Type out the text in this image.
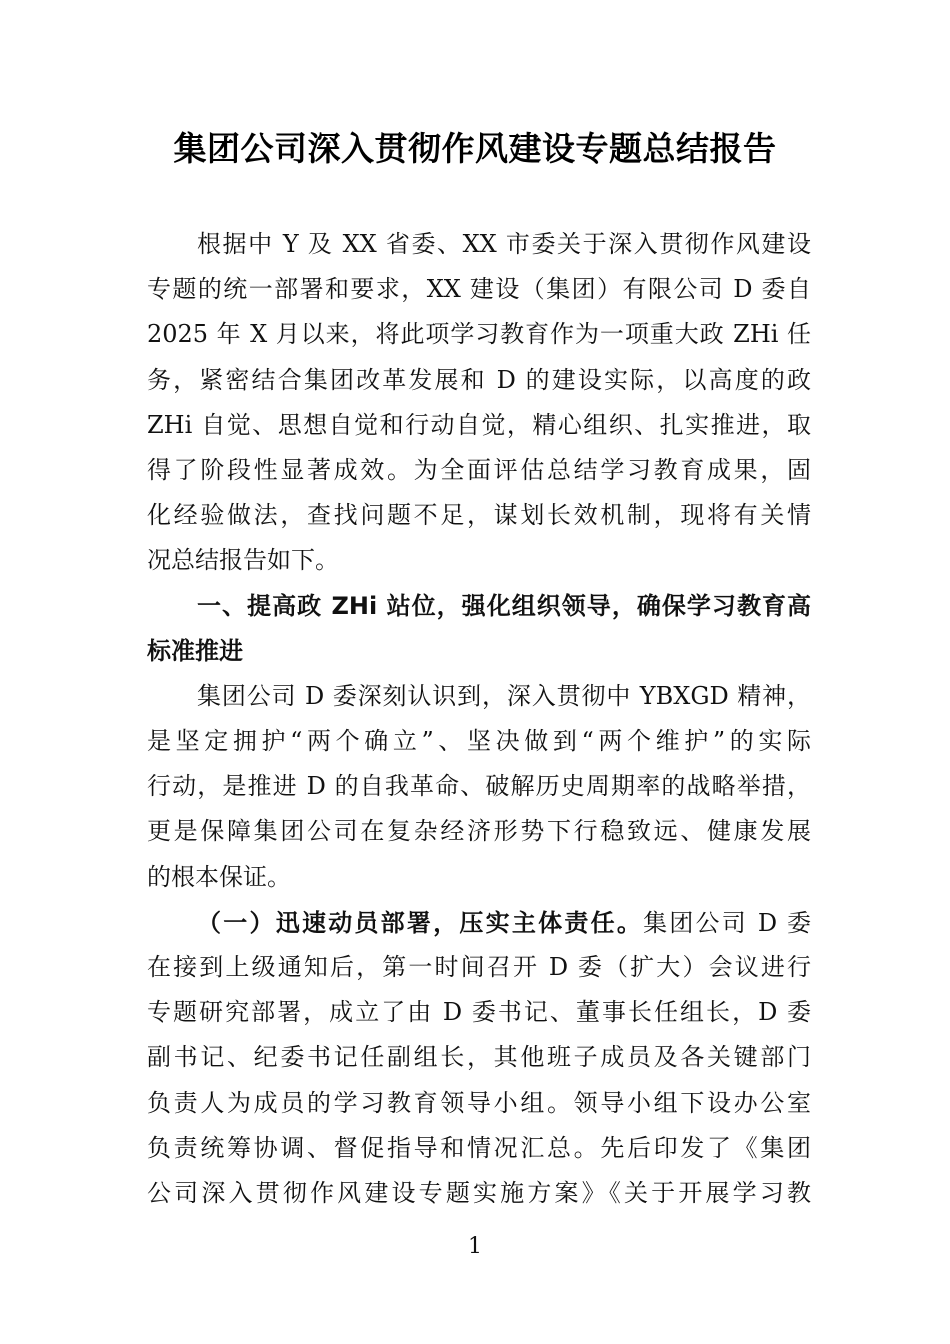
集团公司深入贯彻作风建设专题总结报告
根据中 Y 及 XX 省委、XX 市委关于深入贯彻作风建设
专题的统一部署和要求，XX 建设（集团）有限公司 D 委自
2025 年 X 月以来，将此项学习教育作为一项重大政 ZHi 任
务，紧密结合集团改革发展和 D 的建设实际，以高度的政
ZHi 自觉、思想自觉和行动自觉，精心组织、扎实推进，取
得了阶段性显著成效。为全面评估总结学习教育成果，固
化经验做法，查找问题不足，谋划长效机制，现将有关情
况总结报告如下。
一、提高政 ZHi 站位，强化组织领导，确保学习教育高
标准推进
集团公司 D 委深刻认识到，深入贯彻中 YBXGD 精神，
是坚定拥护“两个确立”、坚决做到“两个维护”的实际
行动，是推进 D 的自我革命、破解历史周期率的战略举措，
更是保障集团公司在复杂经济形势下行稳致远、健康发展
的根本保证。
（一）迅速动员部署，压实主体责任。集团公司 D 委
在接到上级通知后，第一时间召开 D 委（扩大）会议进行
专题研究部署，成立了由 D 委书记、董事长任组长，D 委
副书记、纪委书记任副组长，其他班子成员及各关键部门
负责人为成员的学习教育领导小组。领导小组下设办公室
负责统筹协调、督促指导和情况汇总。先后印发了《集团
公司深入贯彻作风建设专题实施方案》《关于开展学习教
1
